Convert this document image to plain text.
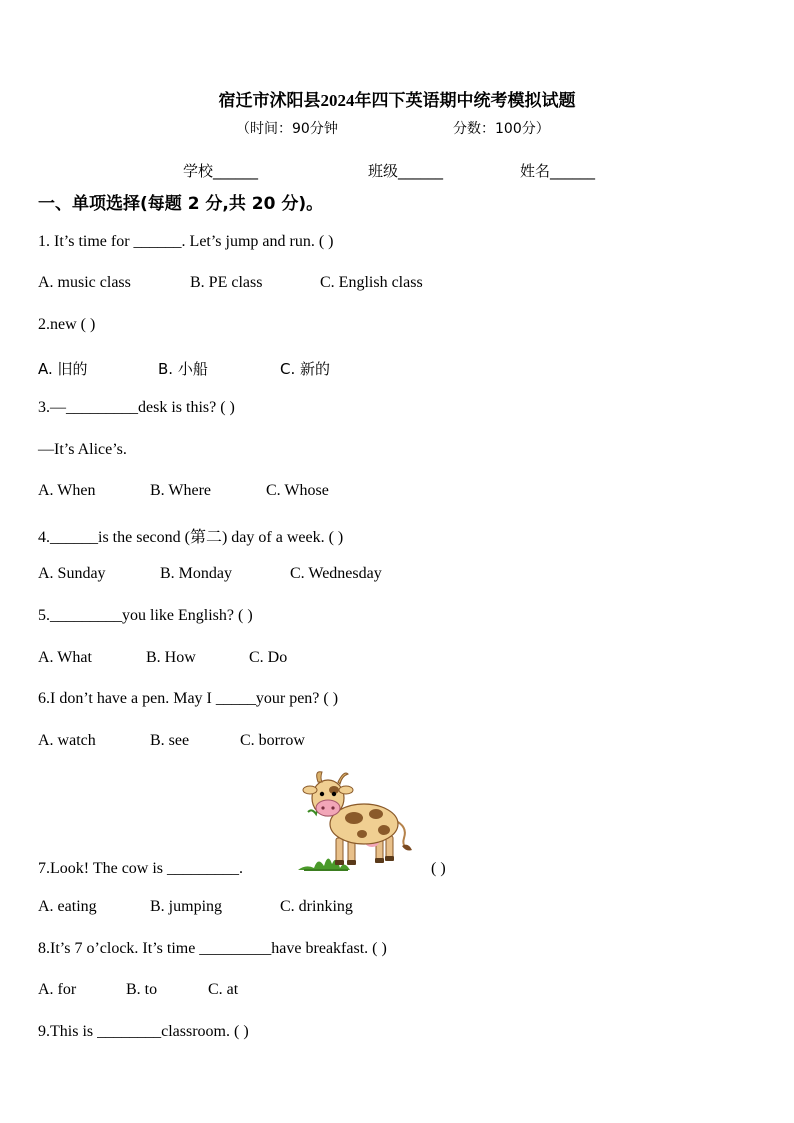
宿迁市沭阳县2024年四下英语期中统考模拟试题
（时间：90分钟	分数：100分）
学校______	班级______	姓名______
一、单项选择(每题 2 分,共 20 分)。
1. It’s time for ______. Let’s jump and run. ( )
A. music class	B. PE class	C. English class
2.new ( )
A. 旧的	B. 小船	C. 新的
3.—_________desk is this? ( )
—It’s Alice’s.
A. When	B. Where	C. Whose
4.______is the second (第二) day of a week. ( )
A. Sunday	B. Monday	C. Wednesday
5._________you like English? ( )
A. What	B. How	C. Do
6.I don’t have a pen. May I _____your pen? ( )
A. watch	B. see	C. borrow
7.Look! The cow is _________.	( )
A. eating	B. jumping	C. drinking
8.It’s 7 o’clock. It’s time _________have breakfast. ( )
A. for	B. to	C. at
9.This is ________classroom. ( )
